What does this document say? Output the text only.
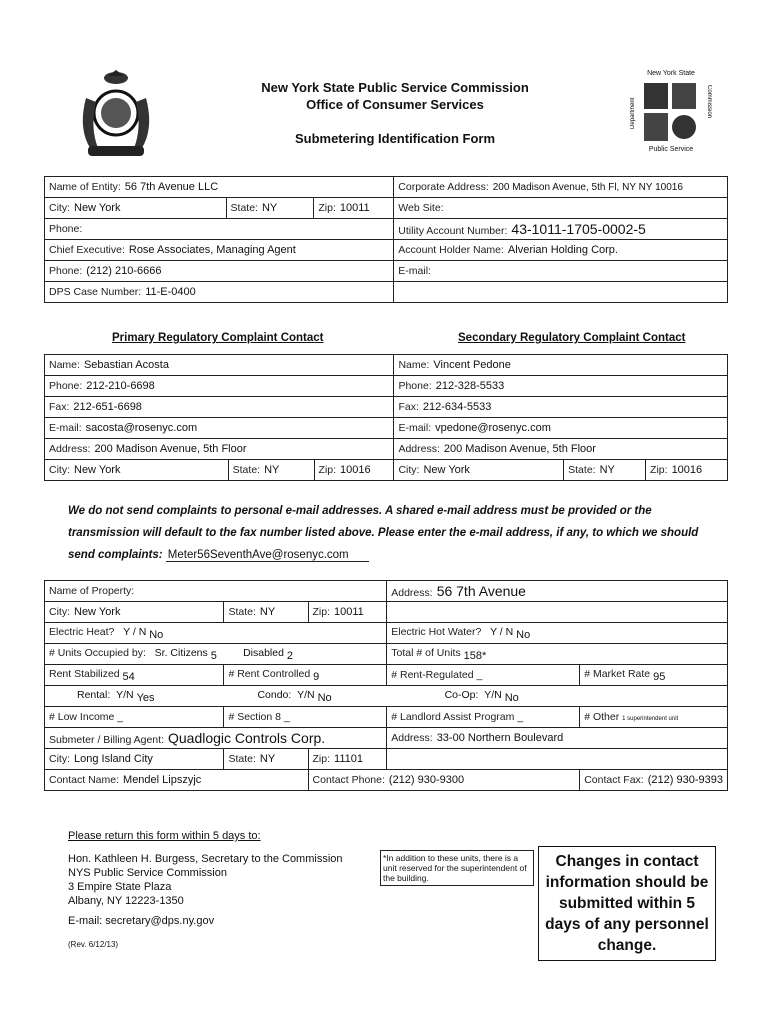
New York State Public Service Commission
Office of Consumer Services
Submetering Identification Form
New York State
Department	Commission
Public Service
Name of Entity: 56 7th Avenue LLC			Corporate Address: 200 Madison Avenue, 5th Fl, NY NY 10016
City: New York	State: NY	Zip: 10011	Web Site:
Phone:			Utility Account Number: 43-1011-1705-0002-5
Chief Executive: Rose Associates, Managing Agent			Account Holder Name: Alverian Holding Corp.
Phone: (212) 210-6666			E-mail:
DPS Case Number: 11-E-0400			
Primary Regulatory Complaint Contact	Secondary Regulatory Complaint Contact
Name: Sebastian Acosta			Name: Vincent Pedone		
Phone: 212-210-6698			Phone: 212-328-5533		
Fax: 212-651-6698			Fax: 212-634-5533		
E-mail: sacosta@rosenyc.com			E-mail: vpedone@rosenyc.com		
Address: 200 Madison Avenue, 5th Floor			Address: 200 Madison Avenue, 5th Floor		
City: New York	State: NY	Zip: 10016	City: New York	State: NY	Zip: 10016
We do not send complaints to personal e-mail addresses. A shared e-mail address must be provided or the transmission will default to the fax number listed above. Please enter the e-mail address, if any, to which we should send complaints: Meter56SeventhAve@rosenyc.com
Name of Property:			Address: 56 7th Avenue	
City: New York	State: NY	Zip: 10011		
Electric Heat? Y / N No			Electric Hot Water? Y / N No	
# Units Occupied by: Sr. Citizens 5 Disabled 2			Total # of Units 158*	
Rent Stabilized 54	# Rent Controlled 9		# Rent-Regulated _	# Market Rate 95
Rental: Y/N Yes Condo: Y/N No Co-Op: Y/N No				
# Low Income _	# Section 8 _		# Landlord Assist Program _	# Other 1 superintendent unit
Submeter / Billing Agent: Quadlogic Controls Corp.			Address: 33-00 Northern Boulevard	
City: Long Island City	State: NY	Zip: 11101		
Contact Name: Mendel Lipszyjc		Contact Phone: (212) 930-9300		Contact Fax: (212) 930-9393
Please return this form within 5 days to:
Hon. Kathleen H. Burgess, Secretary to the Commission
NYS Public Service Commission
3 Empire State Plaza
Albany, NY 12223-1350
E-mail: secretary@dps.ny.gov
(Rev. 6/12/13)
*In addition to these units, there is a unit reserved for the superintendent of the building.
Changes in contact information should be submitted within 5 days of any personnel change.
